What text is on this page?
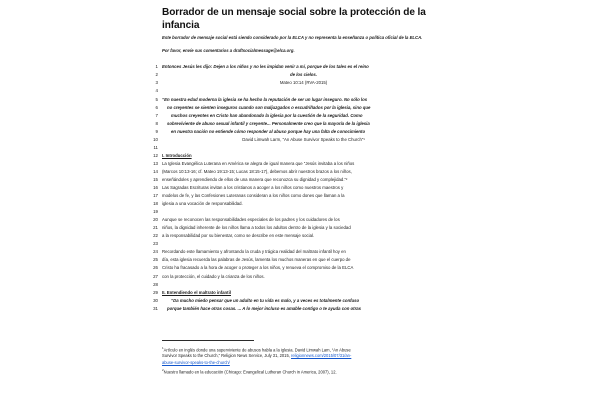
Borrador de un mensaje social sobre la protección de la infancia

Este borrador de mensaje social está siendo considerado por la ELCA y no representa la enseñanza o política oficial de la ELCA.

Por favor, envíe sus comentarios a draftsocialmessage@elca.org.

1 Entonces Jesús les dijo: Dejen a los niños y no les impidan venir a mí, porque de los tales es el reino
2	de los cielos.
3	Mateo 10:14 (RVA-2015)
4
5 “En nuestra edad moderna la iglesia se ha hecho la reputación de ser un lugar inseguro. No sólo los
6	no creyentes se sienten inseguros cuando son maljuzgados o escudriñados por la iglesia, sino que
7	muchos creyentes en Cristo han abandonado la iglesia por la cuestión de la seguridad. Como
8	sobreviviente de abuso sexual infantil y creyente... Personalmente creo que la mayoría de la iglesia
9	en nuestra nación no entiende cómo responder al abuso porque hay una falta de conocimiento
10	David Limwah Larm, “An Abuse Survivor Speaks to the Church”¹
11
12 I. Introducción
13 La Iglesia Evangélica Luterana en América se alegra de igual manera que “Jesús invitaba a los niños
14 (Marcos 10:13-16; cf. Mateo 19:13-15; Lucas 18:15-17), debemos abrir nuestros brazos a los niños,
15 enseñándoles y aprendiendo de ellos de una manera que reconozca su dignidad y complejidad.”²
16 Las Sagradas Escrituras invitan a los cristianos a acoger a los niños como nuestros maestros y
17 modelos de fe, y las Confesiones Luteranas consideran a los niños como dones que llaman a la
18 iglesia a una vocación de responsabilidad.
19
20 Aunque se reconocen las responsabilidades especiales de los padres y los cuidadores de los
21 niños, la dignidad inherente de los niños llama a todos los adultos dentro de la iglesia y la sociedad
22 a la responsabilidad por su bienestar, como se describe en este mensaje social.
23
24 Recordando este llamamiento y afrontando la cruda y trágica realidad del maltrato infantil hoy en
25 día, esta iglesia recuerda las palabras de Jesús, lamenta los muchos maneras en que el cuerpo de
26 Cristo ha fracasado a la hora de acoger o proteger a los niños, y renueva el compromiso de la ELCA
27 con la protección, el cuidado y la crianza de los niños.
28
29 II. Entendiendo el maltrato infantil
30	“Da mucho miedo pensar que un adulto en tu vida es malo, y a veces es totalmente confuso
31	porque también hace otras cosas. ... A lo mejor incluso es amable contigo o te ayuda con otras
$^1$Artículo en inglés donde una superviviente de abusos habla a la iglesia. David Limwah Lam, “An Abuse
Survivor Speaks to the Church,” Religion News Service, July 31, 2015, religionnews.com/2015/07/31/an-
abuse-survivor-speaks-to-the-church/
$^2$Nuestro llamado en la educación (Chicago: Evangelical Lutheran Church in America, 2007), 12.
